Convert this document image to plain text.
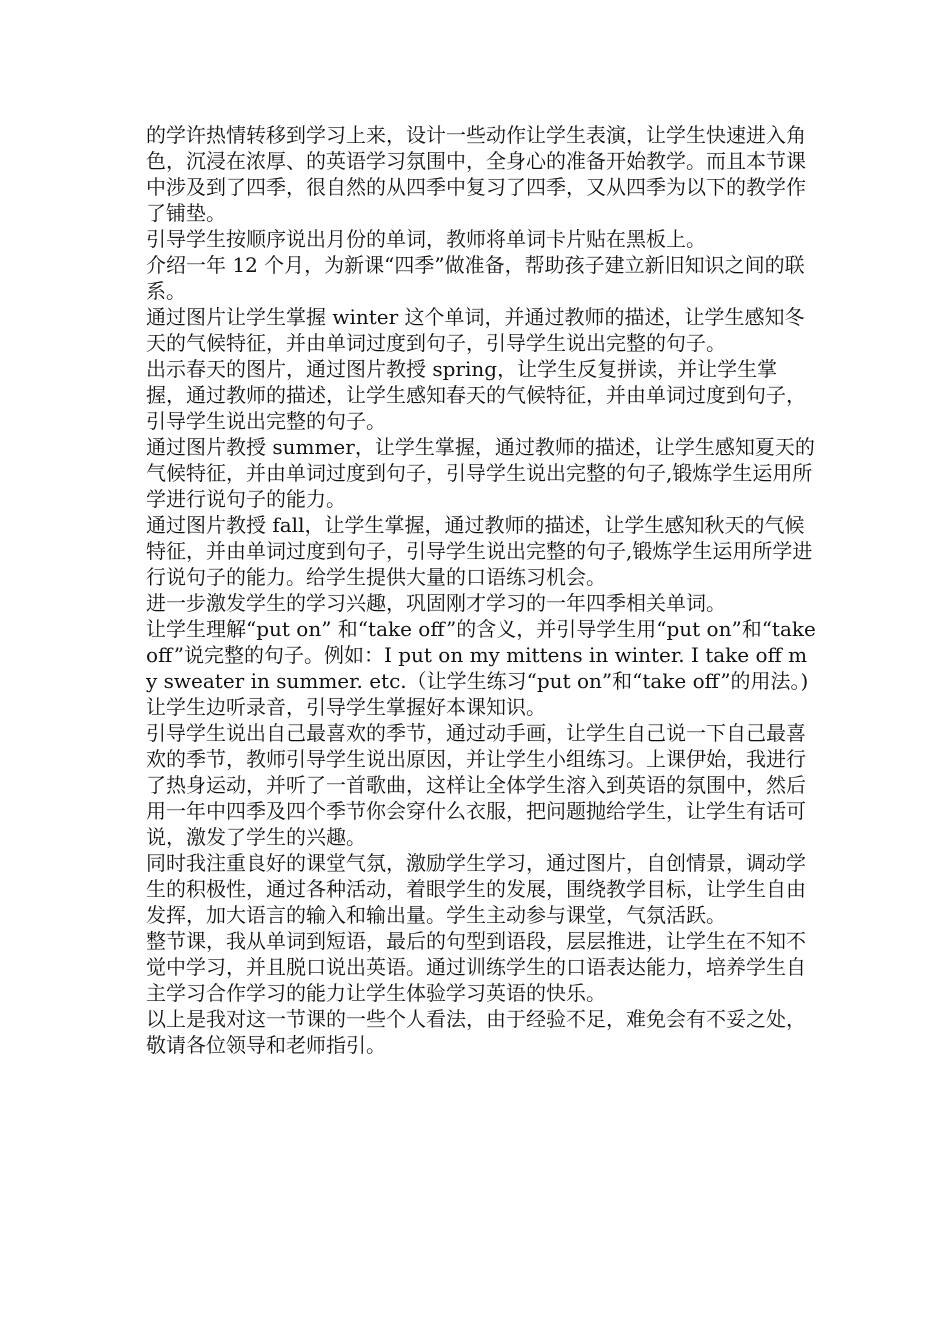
的学许热情转移到学习上来，设计一些动作让学生表演，让学生快速进入角色，沉浸在浓厚、的英语学习氛围中，全身心的准备开始教学。而且本节课中涉及到了四季，很自然的从四季中复习了四季，又从四季为以下的教学作了铺垫。

引导学生按顺序说出月份的单词，教师将单词卡片贴在黑板上。

介绍一年 12 个月，为新课“四季”做准备，帮助孩子建立新旧知识之间的联系。

通过图片让学生掌握 winter 这个单词，并通过教师的描述，让学生感知冬天的气候特征，并由单词过度到句子，引导学生说出完整的句子。

出示春天的图片，通过图片教授 spring，让学生反复拼读，并让学生掌握，通过教师的描述，让学生感知春天的气候特征，并由单词过度到句子，引导学生说出完整的句子。

通过图片教授 summer，让学生掌握，通过教师的描述，让学生感知夏天的气候特征，并由单词过度到句子，引导学生说出完整的句子,锻炼学生运用所学进行说句子的能力。

通过图片教授 fall，让学生掌握，通过教师的描述，让学生感知秋天的气候特征，并由单词过度到句子，引导学生说出完整的句子,锻炼学生运用所学进行说句子的能力。给学生提供大量的口语练习机会。

进一步激发学生的学习兴趣，巩固刚才学习的一年四季相关单词。

让学生理解“put on” 和“take off”的含义，并引导学生用“put on”和“take off”说完整的句子。例如：I put on my mittens in winter. I take off my sweater in summer. etc.（让学生练习“put on”和“take off”的用法。)

让学生边听录音，引导学生掌握好本课知识。

引导学生说出自己最喜欢的季节，通过动手画，让学生自己说一下自己最喜欢的季节，教师引导学生说出原因，并让学生小组练习。上课伊始，我进行了热身运动，并听了一首歌曲，这样让全体学生溶入到英语的氛围中，然后用一年中四季及四个季节你会穿什么衣服，把问题抛给学生，让学生有话可说，激发了学生的兴趣。

同时我注重良好的课堂气氛，激励学生学习，通过图片，自创情景，调动学生的积极性，通过各种活动，着眼学生的发展，围绕教学目标，让学生自由发挥，加大语言的输入和输出量。学生主动参与课堂，气氛活跃。

整节课，我从单词到短语，最后的句型到语段，层层推进，让学生在不知不觉中学习，并且脱口说出英语。通过训练学生的口语表达能力，培养学生自主学习合作学习的能力让学生体验学习英语的快乐。

以上是我对这一节课的一些个人看法，由于经验不足，难免会有不妥之处，敬请各位领导和老师指引。
